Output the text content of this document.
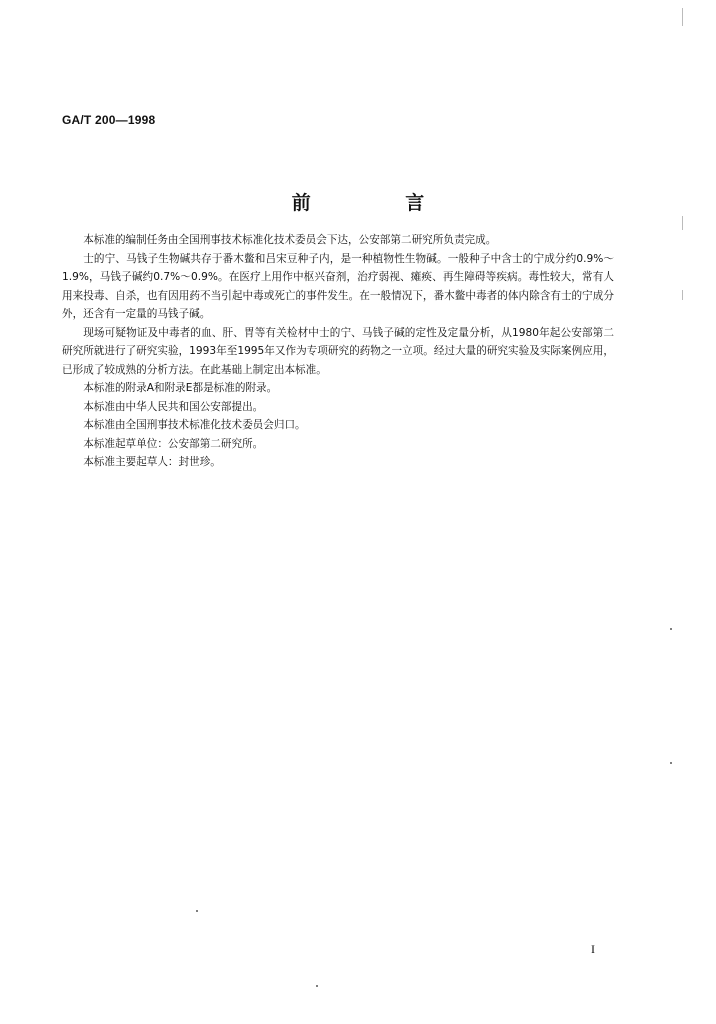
GA/T 200—1998
前 言

本标准的编制任务由全国刑事技术标准化技术委员会下达，公安部第二研究所负责完成。

士的宁、马钱子生物碱共存于番木鳖和吕宋豆种子内，是一种植物性生物碱。一般种子中含士的宁成分约0.9%～1.9%，马钱子碱约0.7%～0.9%。在医疗上用作中枢兴奋剂，治疗弱视、瘫痪、再生障碍等疾病。毒性较大，常有人用来投毒、自杀，也有因用药不当引起中毒或死亡的事件发生。在一般情况下，番木鳖中毒者的体内除含有士的宁成分外，还含有一定量的马钱子碱。

现场可疑物证及中毒者的血、肝、胃等有关检材中士的宁、马钱子碱的定性及定量分析，从1980年起公安部第二研究所就进行了研究实验，1993年至1995年又作为专项研究的药物之一立项。经过大量的研究实验及实际案例应用，已形成了较成熟的分析方法。在此基础上制定出本标准。

本标准的附录A和附录E都是标准的附录。

本标准由中华人民共和国公安部提出。

本标准由全国刑事技术标准化技术委员会归口。

本标准起草单位：公安部第二研究所。

本标准主要起草人：封世珍。

I
